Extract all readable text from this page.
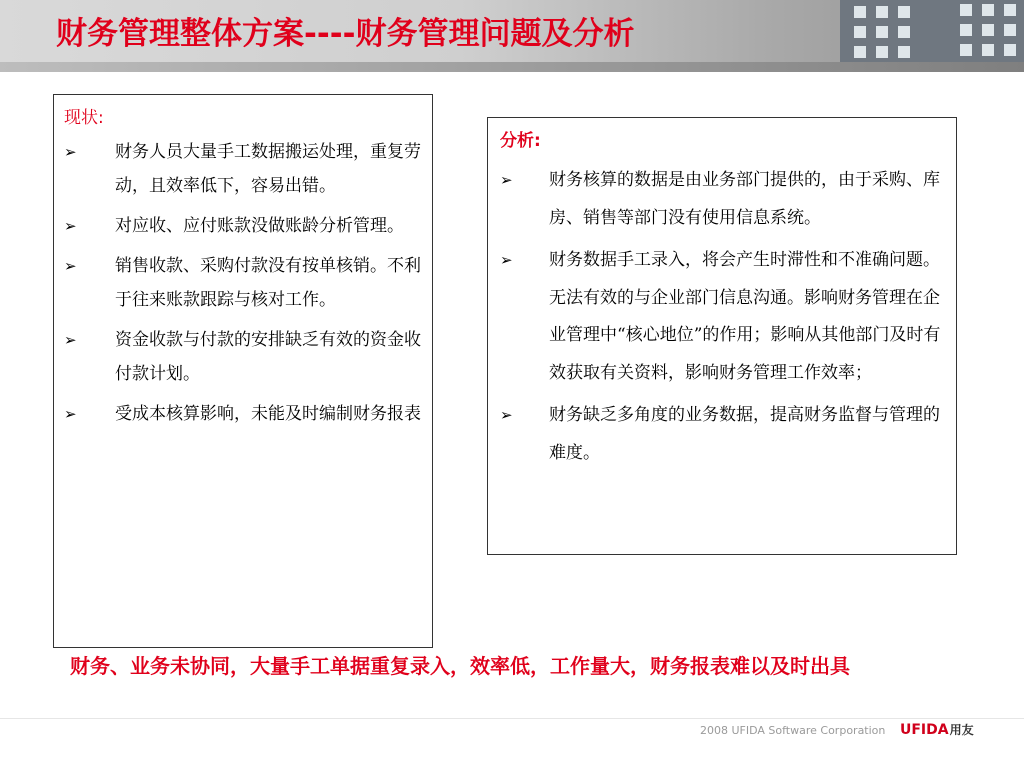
财务管理整体方案----财务管理问题及分析
现状:
➢ 财务人员大量手工数据搬运处理，重复劳动，且效率低下，容易出错。
➢ 对应收、应付账款没做账龄分析管理。
➢ 销售收款、采购付款没有按单核销。不利于往来账款跟踪与核对工作。
➢ 资金收款与付款的安排缺乏有效的资金收付款计划。
➢ 受成本核算影响，未能及时编制财务报表
分析:
➢ 财务核算的数据是由业务部门提供的，由于采购、库房、销售等部门没有使用信息系统。
➢ 财务数据手工录入，将会产生时滞性和不准确问题。无法有效的与企业部门信息沟通。影响财务管理在企业管理中“核心地位”的作用；影响从其他部门及时有效获取有关资料，影响财务管理工作效率；
➢ 财务缺乏多角度的业务数据，提高财务监督与管理的难度。
财务、业务未协同，大量手工单据重复录入，效率低，工作量大，财务报表难以及时出具
2008 UFIDA Software Corporation UFIDA用友
